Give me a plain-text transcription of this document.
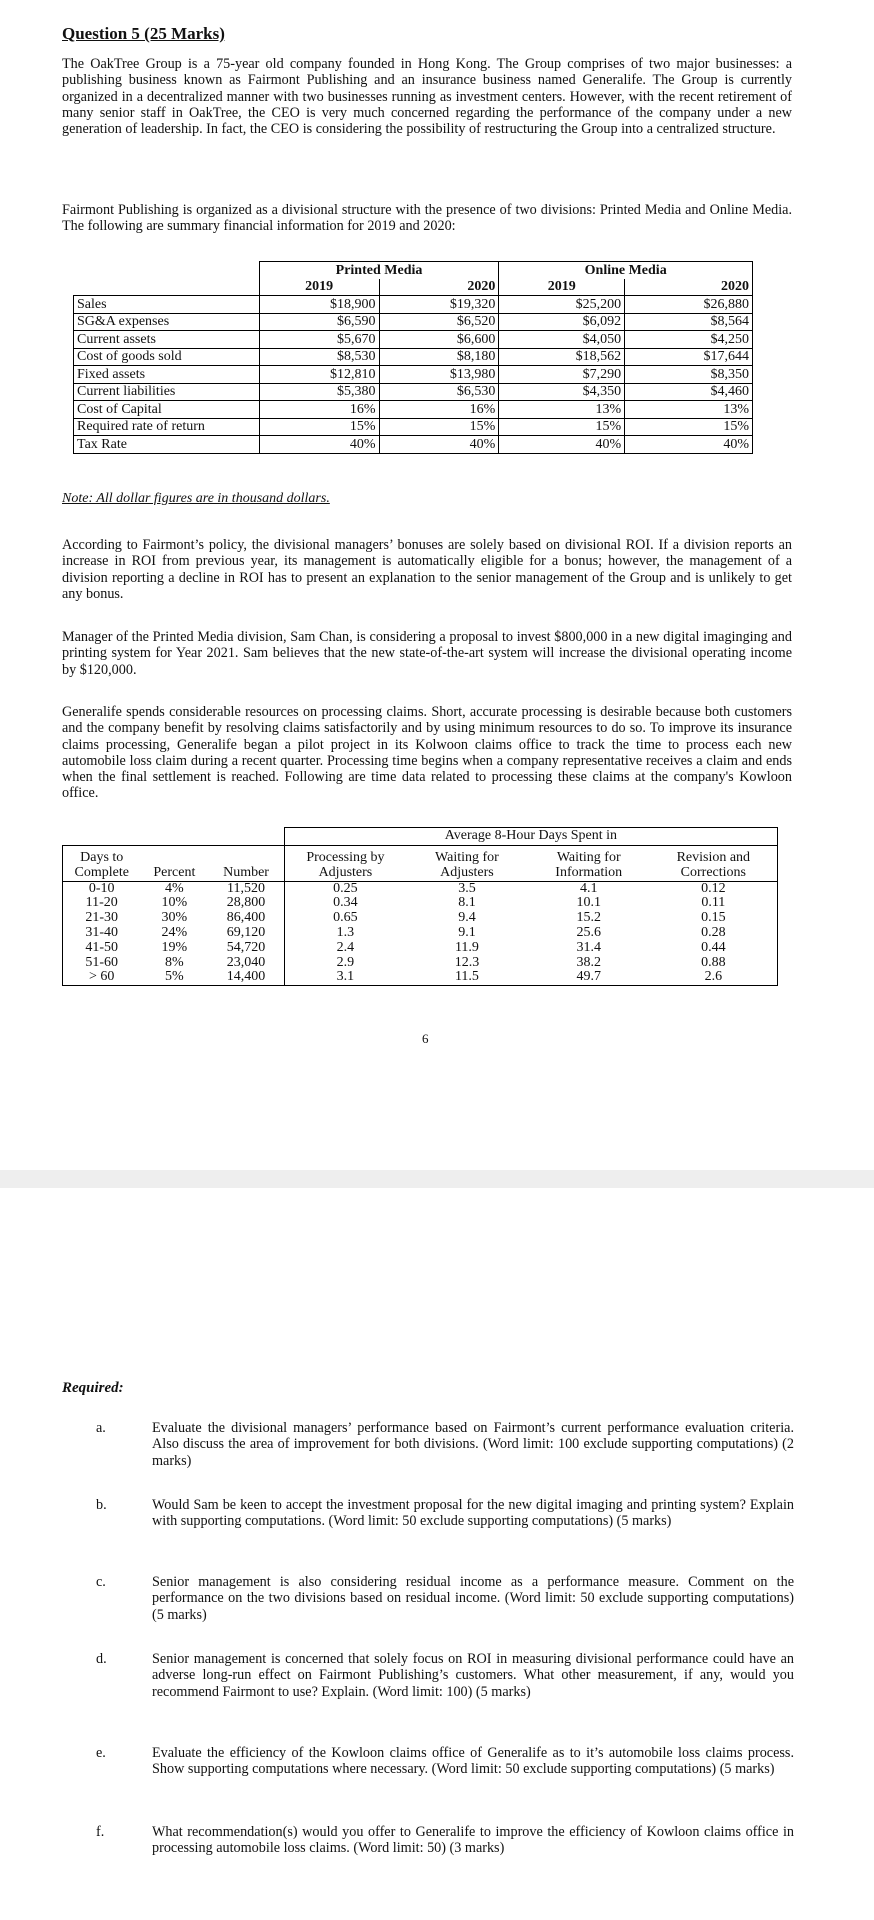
Question 5 (25 Marks)

The OakTree Group is a 75-year old company founded in Hong Kong. The Group comprises of two major businesses: a publishing business known as Fairmont Publishing and an insurance business named Generalife. The Group is currently organized in a decentralized manner with two businesses running as investment centers. However, with the recent retirement of many senior staff in OakTree, the CEO is very much concerned regarding the performance of the company under a new generation of leadership. In fact, the CEO is considering the possibility of restructuring the Group into a centralized structure.

Fairmont Publishing is organized as a divisional structure with the presence of two divisions: Printed Media and Online Media. The following are summary financial information for 2019 and 2020:

	Printed Media		Online Media	
	2019	2020	2019	2020
Sales	$18,900	$19,320	$25,200	$26,880
SG&A expenses	$6,590	$6,520	$6,092	$8,564
Current assets	$5,670	$6,600	$4,050	$4,250
Cost of goods sold	$8,530	$8,180	$18,562	$17,644
Fixed assets	$12,810	$13,980	$7,290	$8,350
Current liabilities	$5,380	$6,530	$4,350	$4,460
Cost of Capital	16%	16%	13%	13%
Required rate of return	15%	15%	15%	15%
Tax Rate	40%	40%	40%	40%
Note: All dollar figures are in thousand dollars.

According to Fairmont’s policy, the divisional managers’ bonuses are solely based on divisional ROI. If a division reports an increase in ROI from previous year, its management is automatically eligible for a bonus; however, the management of a division reporting a decline in ROI has to present an explanation to the senior management of the Group and is unlikely to get any bonus.

Manager of the Printed Media division, Sam Chan, is considering a proposal to invest $800,000 in a new digital imaginging and printing system for Year 2021. Sam believes that the new state-of-the-art system will increase the divisional operating income by $120,000.

Generalife spends considerable resources on processing claims. Short, accurate processing is desirable because both customers and the company benefit by resolving claims satisfactorily and by using minimum resources to do so. To improve its insurance claims processing, Generalife began a pilot project in its Kolwoon claims office to track the time to process each new automobile loss claim during a recent quarter. Processing time begins when a company representative receives a claim and ends when the final settlement is reached. Following are time data related to processing these claims at the company's Kowloon office.

			Average 8-Hour Days Spent in			
Days to			Processing by	Waiting for	Waiting for	Revision and
Complete	Percent	Number	Adjusters	Adjusters	Information	Corrections
0-10	4%	11,520	0.25	3.5	4.1	0.12
11-20	10%	28,800	0.34	8.1	10.1	0.11
21-30	30%	86,400	0.65	9.4	15.2	0.15
31-40	24%	69,120	1.3	9.1	25.6	0.28
41-50	19%	54,720	2.4	11.9	31.4	0.44
51-60	8%	23,040	2.9	12.3	38.2	0.88
> 60	5%	14,400	3.1	11.5	49.7	2.6
6
Required:
a.	Evaluate the divisional managers’ performance based on Fairmont’s current performance evaluation criteria. Also discuss the area of improvement for both divisions. (Word limit: 100 exclude supporting computations) (2 marks)
b.	Would Sam be keen to accept the investment proposal for the new digital imaging and printing system? Explain with supporting computations. (Word limit: 50 exclude supporting computations) (5 marks)
c.	Senior management is also considering residual income as a performance measure. Comment on the performance on the two divisions based on residual income. (Word limit: 50 exclude supporting computations) (5 marks)
d.	Senior management is concerned that solely focus on ROI in measuring divisional performance could have an adverse long-run effect on Fairmont Publishing’s customers. What other measurement, if any, would you recommend Fairmont to use? Explain. (Word limit: 100) (5 marks)
e.	Evaluate the efficiency of the Kowloon claims office of Generalife as to it’s automobile loss claims process. Show supporting computations where necessary. (Word limit: 50 exclude supporting computations) (5 marks)
f.	What recommendation(s) would you offer to Generalife to improve the efficiency of Kowloon claims office in processing automobile loss claims. (Word limit: 50) (3 marks)
